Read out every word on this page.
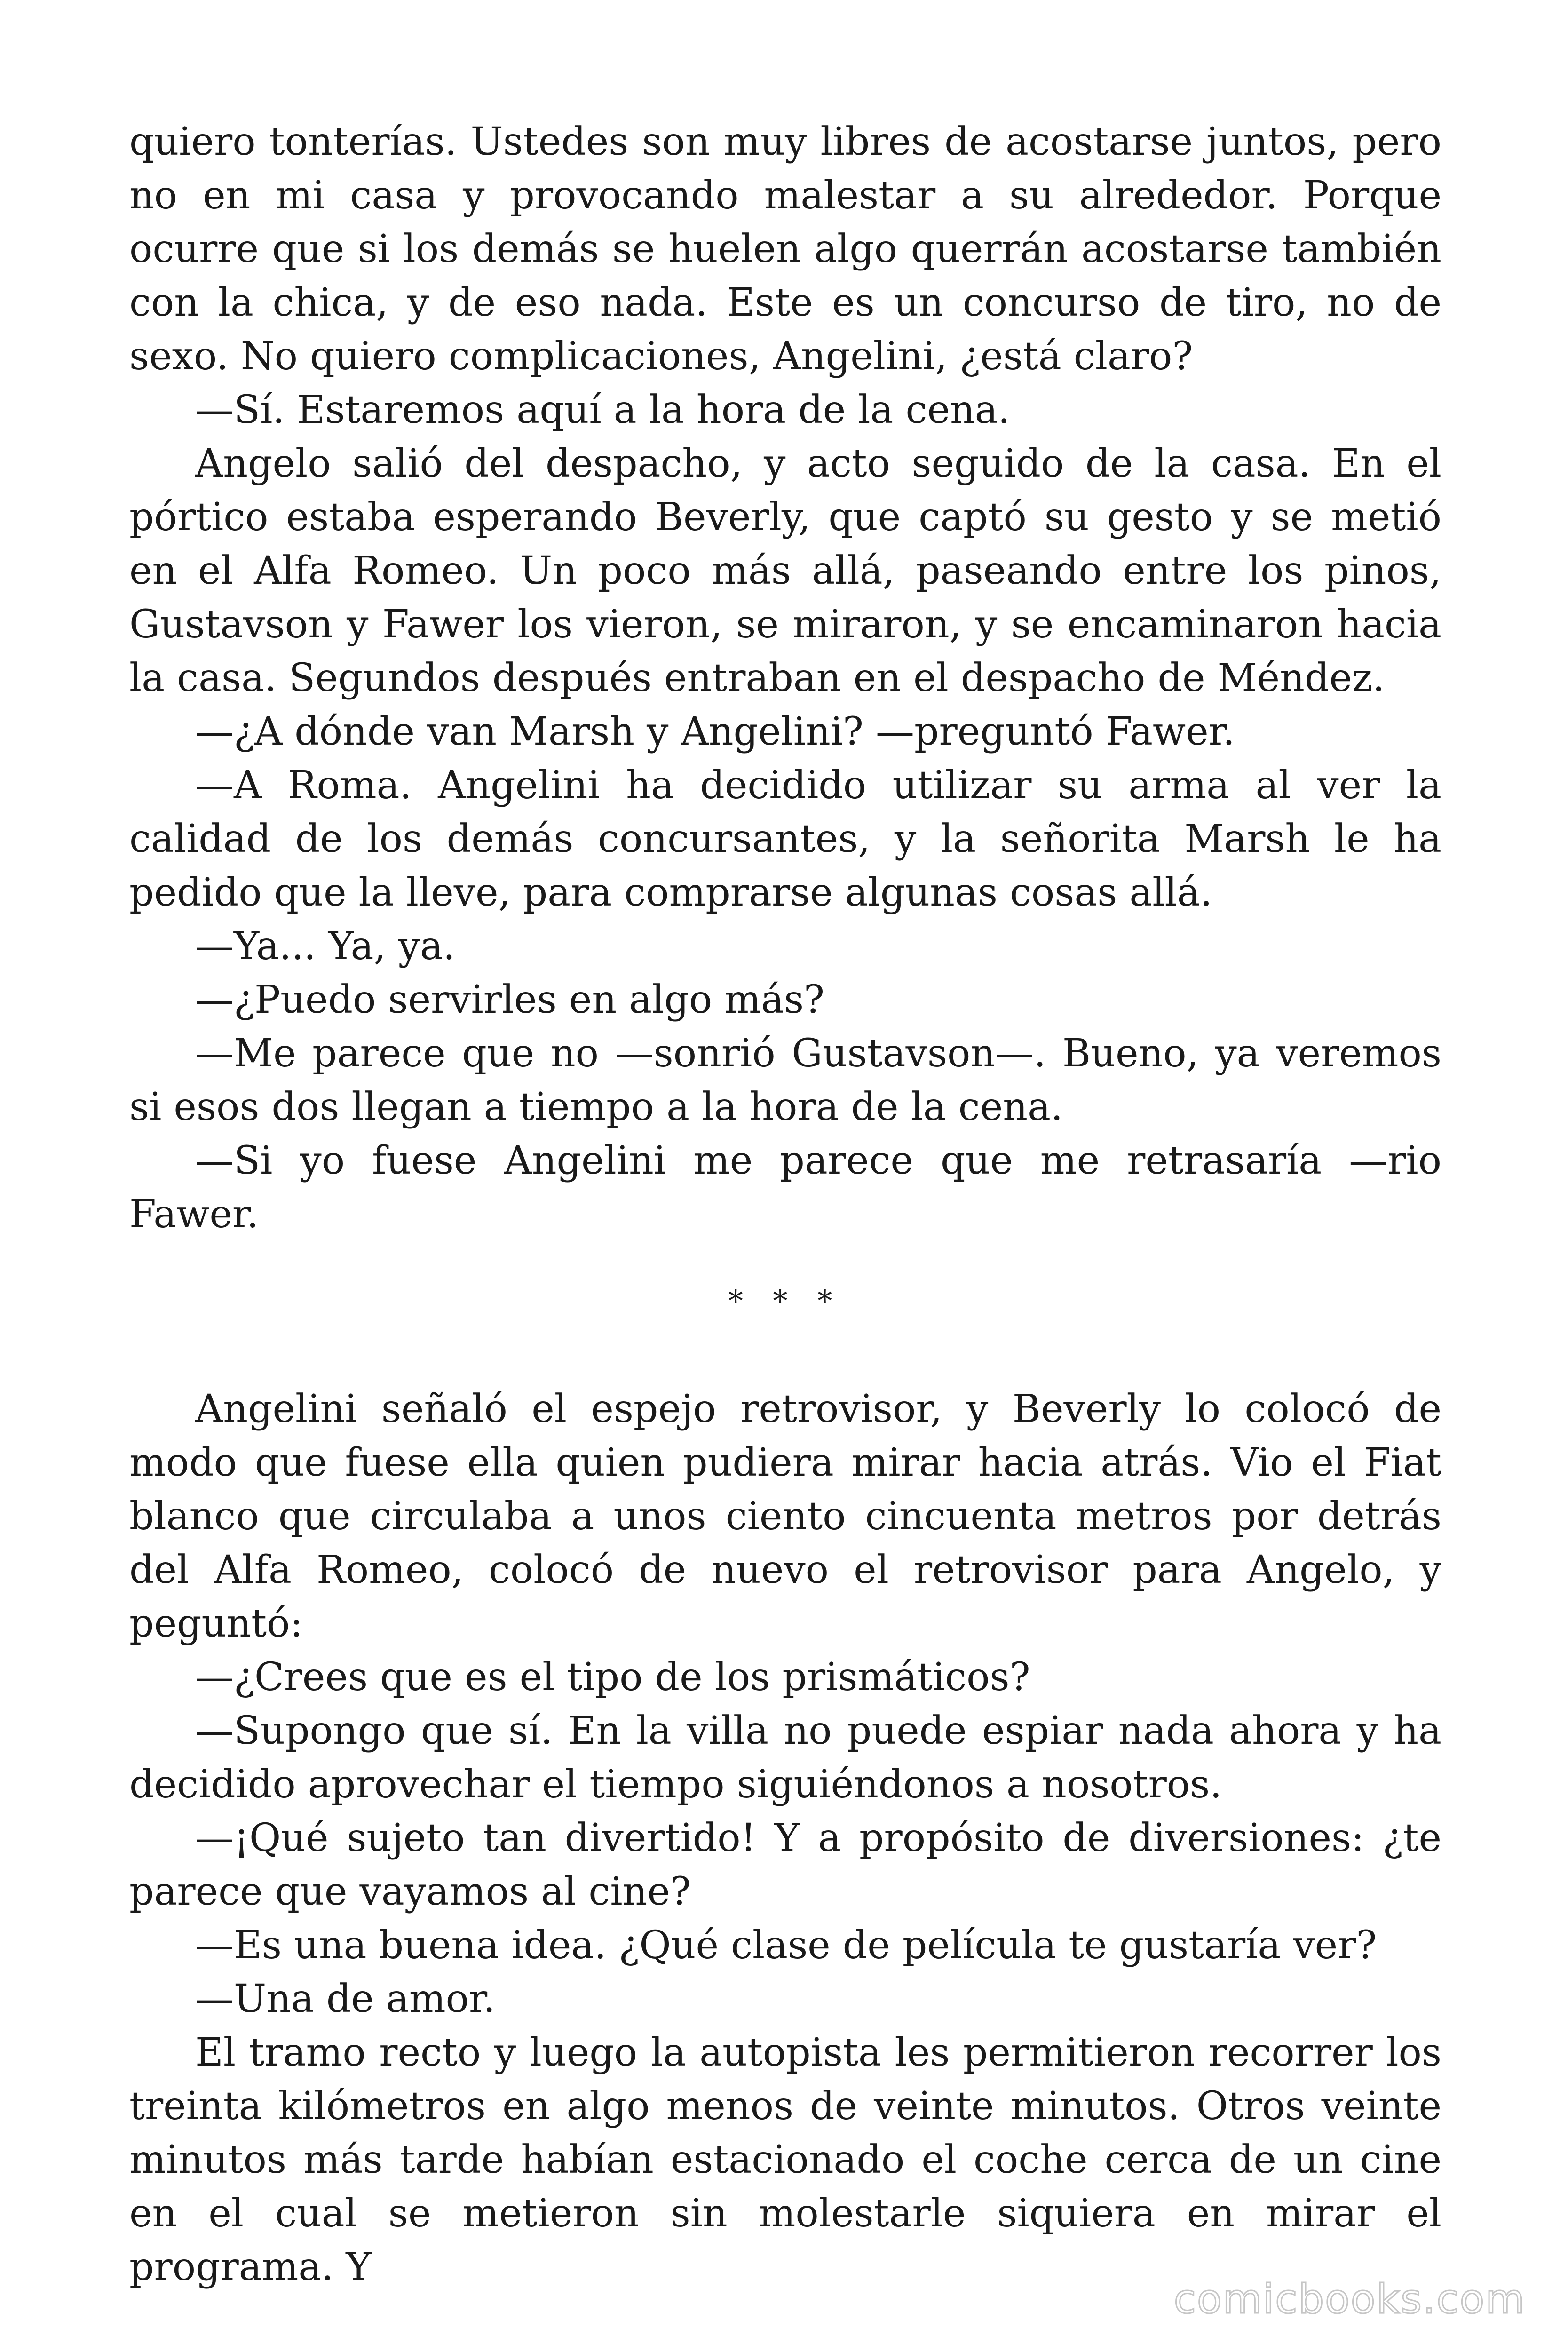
quiero tonterías. Ustedes son muy libres de acostarse juntos, pero no en mi casa y provocando malestar a su alrededor. Porque ocurre que si los demás se huelen algo querrán acostarse también con la chica, y de eso nada. Este es un concurso de tiro, no de sexo. No quiero complicaciones, Angelini, ¿está claro?

—Sí. Estaremos aquí a la hora de la cena.

Angelo salió del despacho, y acto seguido de la casa. En el pórtico estaba esperando Beverly, que captó su gesto y se metió en el Alfa Romeo. Un poco más allá, paseando entre los pinos, Gustavson y Fawer los vieron, se miraron, y se encaminaron hacia la casa. Segundos después entraban en el despacho de Méndez.

—¿A dónde van Marsh y Angelini? —preguntó Fawer.

—A Roma. Angelini ha decidido utilizar su arma al ver la calidad de los demás concursantes, y la señorita Marsh le ha pedido que la lleve, para comprarse algunas cosas allá.

—Ya... Ya, ya.

—¿Puedo servirles en algo más?

—Me parece que no —sonrió Gustavson—. Bueno, ya veremos si esos dos llegan a tiempo a la hora de la cena.

—Si yo fuese Angelini me parece que me retrasaría —rio Fawer.

* * *

Angelini señaló el espejo retrovisor, y Beverly lo colocó de modo que fuese ella quien pudiera mirar hacia atrás. Vio el Fiat blanco que circulaba a unos ciento cincuenta metros por detrás del Alfa Romeo, colocó de nuevo el retrovisor para Angelo, y peguntó:

—¿Crees que es el tipo de los prismáticos?

—Supongo que sí. En la villa no puede espiar nada ahora y ha decidido aprovechar el tiempo siguiéndonos a nosotros.

—¡Qué sujeto tan divertido! Y a propósito de diversiones: ¿te parece que vayamos al cine?

—Es una buena idea. ¿Qué clase de película te gustaría ver?

—Una de amor.

El tramo recto y luego la autopista les permitieron recorrer los treinta kilómetros en algo menos de veinte minutos. Otros veinte minutos más tarde habían estacionado el coche cerca de un cine en el cual se metieron sin molestarle siquiera en mirar el programa. Y

comicbooks.com
